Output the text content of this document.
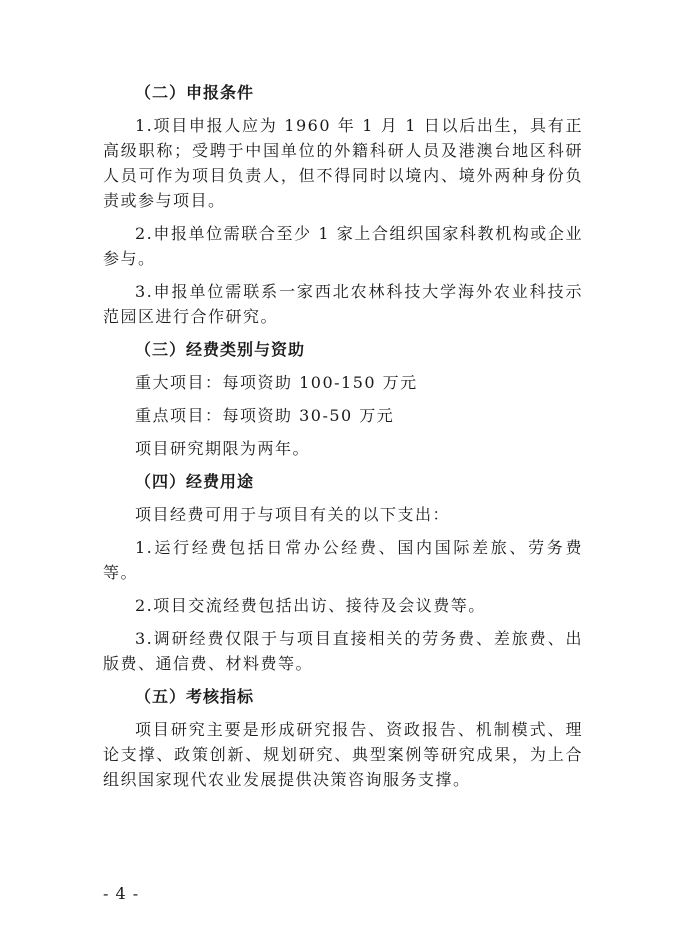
（二）申报条件

1.项目申报人应为 1960 年 1 月 1 日以后出生，具有正高级职称；受聘于中国单位的外籍科研人员及港澳台地区科研人员可作为项目负责人，但不得同时以境内、境外两种身份负责或参与项目。

2.申报单位需联合至少 1 家上合组织国家科教机构或企业参与。

3.申报单位需联系一家西北农林科技大学海外农业科技示范园区进行合作研究。

（三）经费类别与资助
重大项目：每项资助 100-150 万元
重点项目：每项资助 30-50 万元
项目研究期限为两年。
（四）经费用途

项目经费可用于与项目有关的以下支出：

1.运行经费包括日常办公经费、国内国际差旅、劳务费等。

2.项目交流经费包括出访、接待及会议费等。

3.调研经费仅限于与项目直接相关的劳务费、差旅费、出版费、通信费、材料费等。

（五）考核指标

项目研究主要是形成研究报告、资政报告、机制模式、理论支撑、政策创新、规划研究、典型案例等研究成果，为上合组织国家现代农业发展提供决策咨询服务支撑。

- 4 -
